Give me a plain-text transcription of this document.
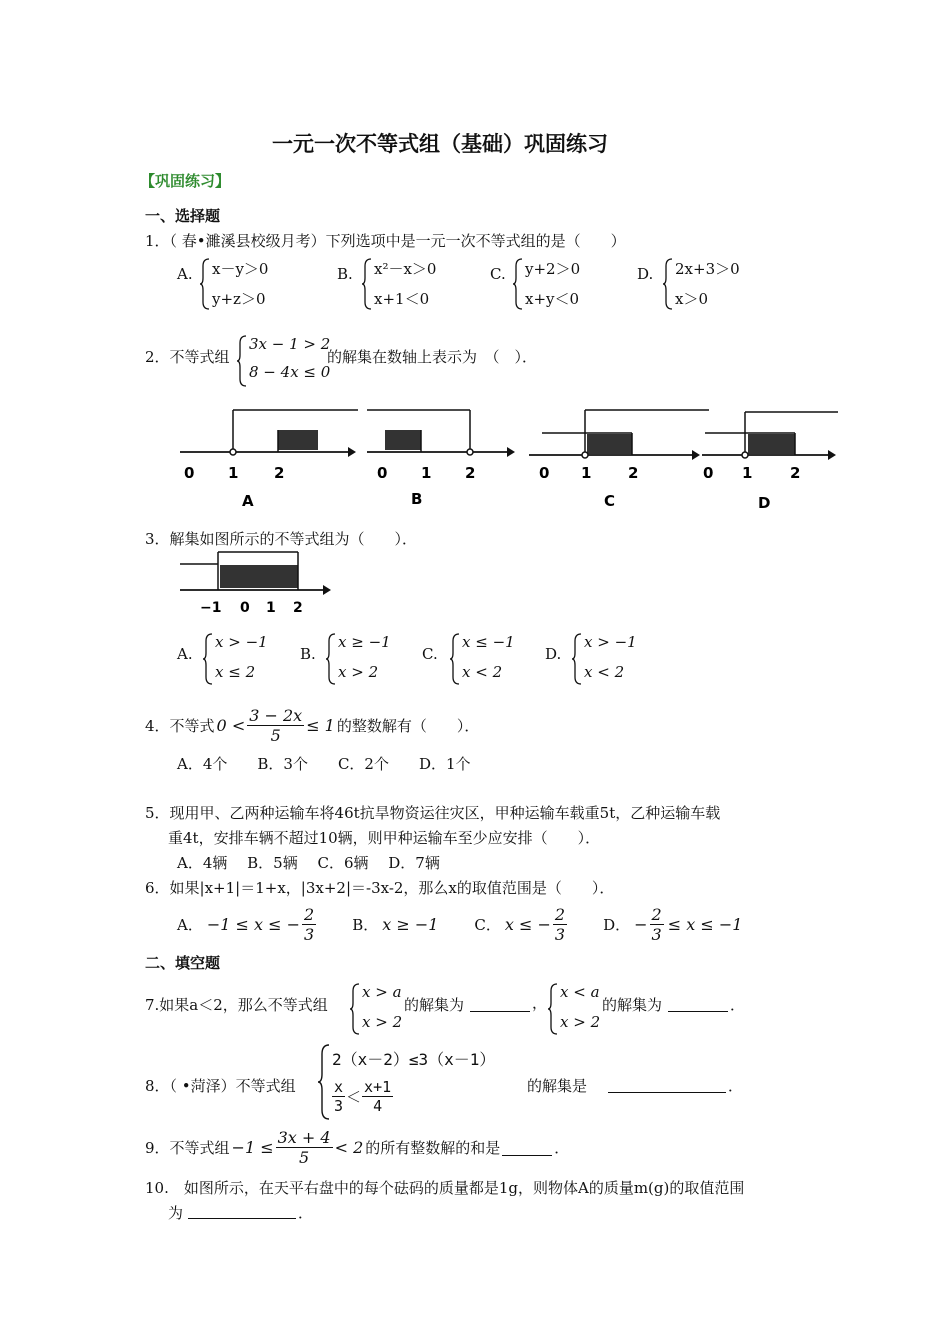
一元一次不等式组（基础）巩固练习
【巩固练习】
一、选择题
1．（ 春•濉溪县校级月考）下列选项中是一元一次不等式组的是（　　）
A. x－y＞0
y+z＞0
B. x²－x＞0
x+1＜0
C. y+2＞0
x+y＜0
D. 2x+3＞0
x＞0
2．不等式组
3x − 1 > 2
8 − 4x ≤ 0
的解集在数轴上表示为　（　）．
0 1 2
A
0 1 2
B
0 1 2
C
0 1	2
D
3．解集如图所示的不等式组为（　　）．
−1 0 1 2
A.
x > −1
x ≤ 2
B.
x ≥ −1
x > 2
C.
x ≤ −1
x < 2
D.
x > −1
x < 2
4．不等式 $0 < \frac{3 - 2x}{5} \le 1$ 的整数解有（　　）．
A．4个　　B．3个　　C．2个　　D．1个
5．现用甲、乙两种运输车将46t抗旱物资运往灾区，甲种运输车载重5t，乙种运输车载
重4t，安排车辆不超过10辆，则甲种运输车至少应安排（　　）．
A．4辆　 B．5辆　 C．6辆　 D．7辆
6．如果|x+1|＝1+x，|3x+2|＝-3x-2，那么x的取值范围是（　　）．
A． −1 ≤ x ≤ − $\frac{2}{3}$ B． x ≥ −1 C． x ≤ − $\frac{2}{3}$ D． − $\frac{2}{3} \le x \le -1$
二、填空题
7.如果a＜2，那么不等式组
x > a
x > 2
的解集为	，
x < a
x > 2
的解集为	．
8．（ •菏泽）不等式组
2（x－2）≤3（x－1）
$\frac{x}{3} < \frac{x+1}{4}$	的解集是	．
9．不等式组 $-1 \le \frac{3x + 4}{5} < 2$ 的所有整数解的和是	．
10.　如图所示，在天平右盘中的每个砝码的质量都是1g，则物体A的质量m(g)的取值范围
为	．
